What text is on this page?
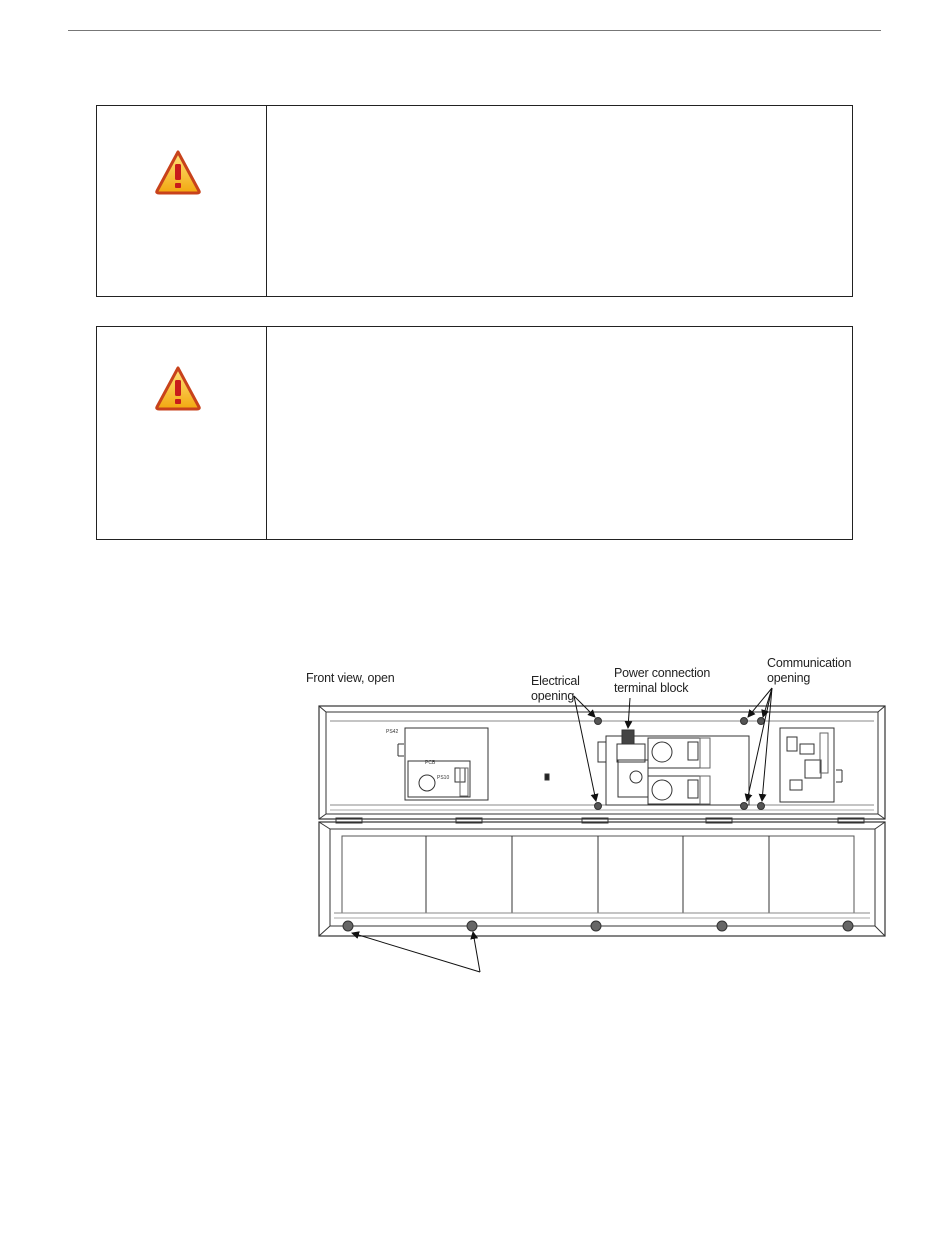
Front view, open	Electrical
opening
Power connection
terminal block
Communication
opening
PS42
PCB
PS10
